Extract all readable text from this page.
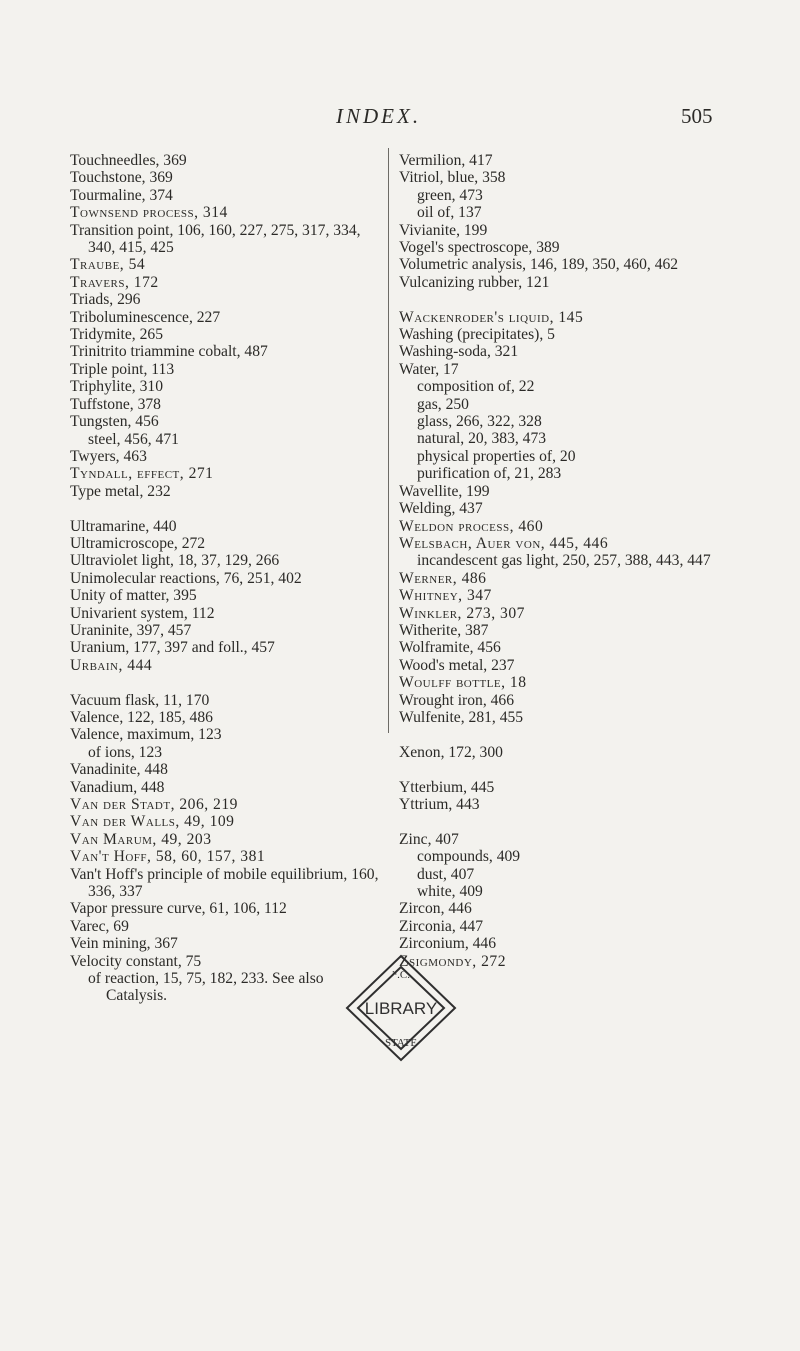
INDEX.	505
Touchneedles, 369
Touchstone, 369
Tourmaline, 374
Townsend process, 314
Transition point, 106, 160, 227, 275, 317, 334, 340, 415, 425
Traube, 54
Travers, 172
Triads, 296
Triboluminescence, 227
Tridymite, 265
Trinitrito triammine cobalt, 487
Triple point, 113
Triphylite, 310
Tuffstone, 378
Tungsten, 456
steel, 456, 471
Twyers, 463
Tyndall, effect, 271
Type metal, 232
Ultramarine, 440
Ultramicroscope, 272
Ultraviolet light, 18, 37, 129, 266
Unimolecular reactions, 76, 251, 402
Unity of matter, 395
Univarient system, 112
Uraninite, 397, 457
Uranium, 177, 397 and foll., 457
Urbain, 444
Vacuum flask, 11, 170
Valence, 122, 185, 486
Valence, maximum, 123
of ions, 123
Vanadinite, 448
Vanadium, 448
Van der Stadt, 206, 219
Van der Walls, 49, 109
Van Marum, 49, 203
Van't Hoff, 58, 60, 157, 381
Van't Hoff's principle of mobile equilibrium, 160, 336, 337
Vapor pressure curve, 61, 106, 112
Varec, 69
Vein mining, 367
Velocity constant, 75
of reaction, 15, 75, 182, 233. See also Catalysis.
Vermilion, 417
Vitriol, blue, 358
green, 473
oil of, 137
Vivianite, 199
Vogel's spectroscope, 389
Volumetric analysis, 146, 189, 350, 460, 462
Vulcanizing rubber, 121
Wackenroder's liquid, 145
Washing (precipitates), 5
Washing-soda, 321
Water, 17
composition of, 22
gas, 250
glass, 266, 322, 328
natural, 20, 383, 473
physical properties of, 20
purification of, 21, 283
Wavellite, 199
Welding, 437
Weldon process, 460
Welsbach, Auer von, 445, 446
incandescent gas light, 250, 257, 388, 443, 447
Werner, 486
Whitney, 347
Winkler, 273, 307
Witherite, 387
Wolframite, 456
Wood's metal, 237
Woulff bottle, 18
Wrought iron, 466
Wulfenite, 281, 455
Xenon, 172, 300
Ytterbium, 445
Yttrium, 443
Zinc, 407
compounds, 409
dust, 407
white, 409
Zircon, 446
Zirconia, 447
Zirconium, 446
Zsigmondy, 272
LIBRARY
ᴺ.C.
STATE
